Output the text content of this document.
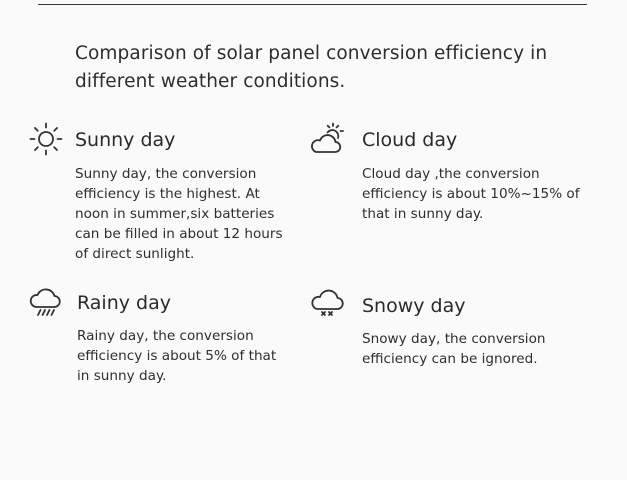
Comparison of solar panel conversion efficiency in different weather conditions.
Sunny day

Sunny day, the conversion efficiency is the highest. At noon in summer,six batteries can be filled in about 12 hours of direct sunlight.

Cloud day

Cloud day ,the conversion efficiency is about 10%~15% of that in sunny day.

Rainy day

Rainy day, the conversion efficiency is about 5% of that in sunny day.

Snowy day

Snowy day, the conversion efficiency can be ignored.
